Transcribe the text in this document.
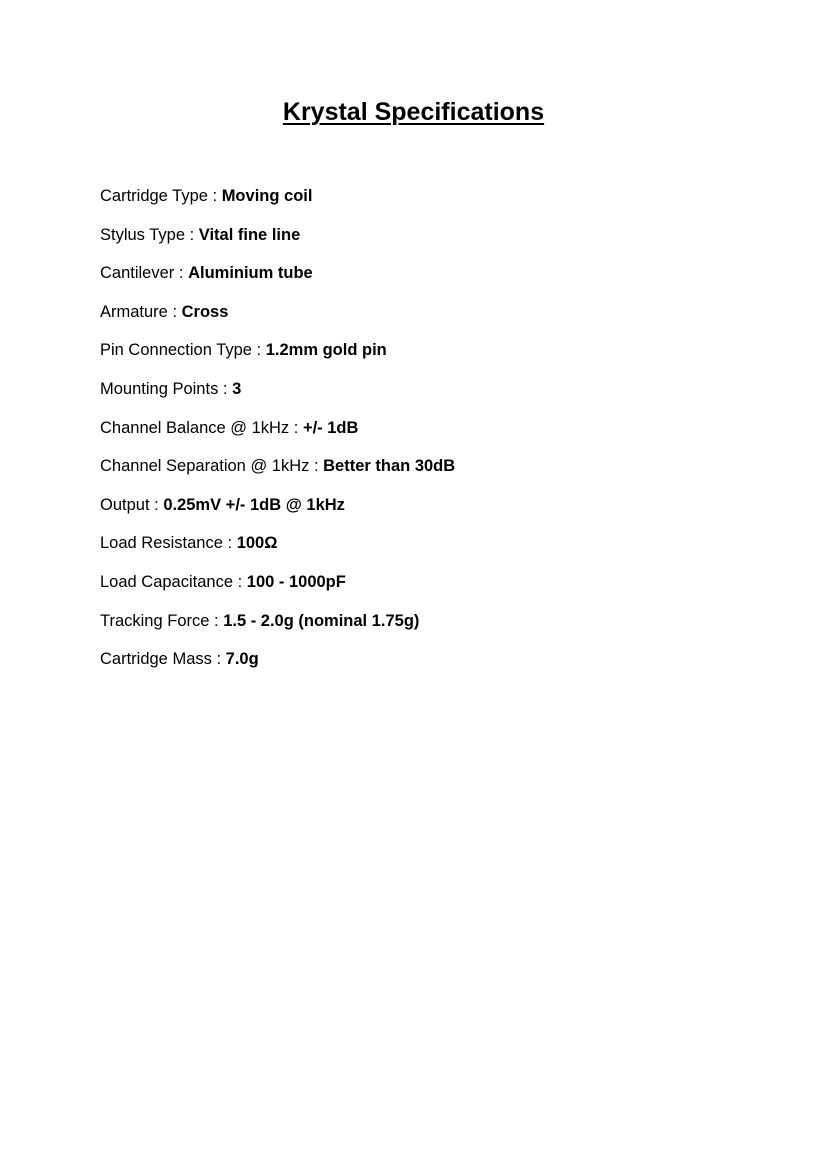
Krystal Specifications
Cartridge Type : Moving coil
Stylus Type : Vital fine line
Cantilever : Aluminium tube
Armature : Cross
Pin Connection Type : 1.2mm gold pin
Mounting Points : 3
Channel Balance @ 1kHz : +/- 1dB
Channel Separation @ 1kHz : Better than 30dB
Output : 0.25mV +/- 1dB @ 1kHz
Load Resistance : 100Ω
Load Capacitance : 100 - 1000pF
Tracking Force : 1.5 - 2.0g (nominal 1.75g)
Cartridge Mass : 7.0g
